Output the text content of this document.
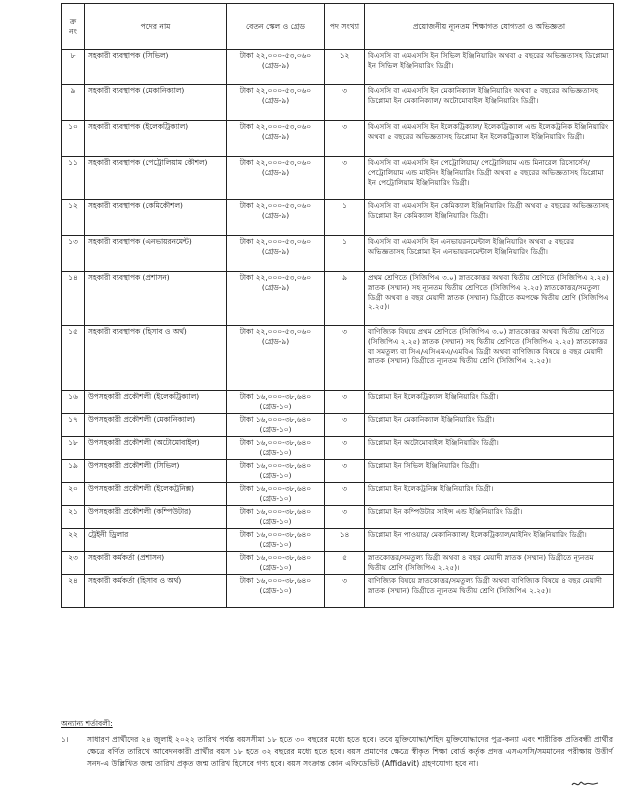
ক্র নং	পদের নাম	বেতন স্কেল ও গ্রেড	পদ সংখ্যা	প্রয়োজনীয় ন্যূনতম শিক্ষাগত যোগ্যতা ও অভিজ্ঞতা
৮	সহকারী ব্যবস্থাপক (সিভিল)	টাকা ২২,০০০-৫৩,০৬০
(গ্রেড-৯)	১২	বিএসসি বা এমএসসি ইন সিভিল ইঞ্জিনিয়ারিং অথবা ৫ বছরের অভিজ্ঞতাসহ ডিপ্লোমা ইন সিভিল ইঞ্জিনিয়ারিং ডিগ্রী।
৯	সহকারী ব্যবস্থাপক (মেকানিক্যাল)	টাকা ২২,০০০-৫৩,০৬০
(গ্রেড-৯)	৩	বিএসসি বা এমএসসি ইন মেকানিক্যাল ইঞ্জিনিয়ারিং অথবা ৫ বছরের অভিজ্ঞতাসহ ডিপ্লোমা ইন মেকানিক্যাল/ অটোমোবাইল ইঞ্জিনিয়ারিং ডিগ্রী।
১০	সহকারী ব্যবস্থাপক (ইলেকট্রিক্যাল)	টাকা ২২,০০০-৫৩,০৬০
(গ্রেড-৯)	৩	বিএসসি বা এমএসসি ইন ইলেকট্রিক্যাল/ ইলেকট্রিক্যাল এন্ড ইলেকট্রনিক ইঞ্জিনিয়ারিং অথবা ৫ বছরের অভিজ্ঞতাসহ ডিপ্লোমা ইন ইলেকট্রিক্যাল ইঞ্জিনিয়ারিং ডিগ্রী।
১১	সহকারী ব্যবস্থাপক (পেট্রোলিয়াম কৌশল)	টাকা ২২,০০০-৫৩,০৬০
(গ্রেড-৯)	৩	বিএসসি বা এমএসসি ইন পেট্রোলিয়াম/ পেট্রোলিয়াম এন্ড মিনারেল রিসোর্সেস/ পেট্রোলিয়াম এন্ড মাইনিং ইঞ্জিনিয়ারিং ডিগ্রী অথবা ৫ বছরের অভিজ্ঞতাসহ ডিপ্লোমা ইন পেট্রোলিয়াম ইঞ্জিনিয়ারিং ডিগ্রী।
১২	সহকারী ব্যবস্থাপক (কেমিকৌশল)	টাকা ২২,০০০-৫৩,০৬০
(গ্রেড-৯)	১	বিএসসি বা এমএসসি ইন কেমিক্যাল ইঞ্জিনিয়ারিং ডিগ্রী অথবা ৫ বছরের অভিজ্ঞতাসহ ডিপ্লোমা ইন কেমিক্যাল ইঞ্জিনিয়ারিং ডিগ্রী।
১৩	সহকারী ব্যবস্থাপক (এনভায়রনমেন্ট)	টাকা ২২,০০০-৫৩,০৬০
(গ্রেড-৯)	১	বিএসসি বা এমএসসি ইন এনভায়রনমেন্টাল ইঞ্জিনিয়ারিং অথবা ৫ বছরের অভিজ্ঞতাসহ ডিপ্লোমা ইন এনভায়রনমেন্টাল ইঞ্জিনিয়ারিং ডিগ্রী।
১৪	সহকারী ব্যবস্থাপক (প্রশাসন)	টাকা ২২,০০০-৫৩,০৬০
(গ্রেড-৯)	৯	প্রথম শ্রেণিতে (সিজিপিএ ৩.০) স্নাতকোত্তর অথবা দ্বিতীয় শ্রেণিতে (সিজিপিএ ২.২৫) স্নাতক (সম্মান) সহ ন্যূনতম দ্বিতীয় শ্রেণিতে (সিজিপিএ ২.২৫) স্নাতকোত্তর/সমতুল্য ডিগ্রী অথবা ৪ বছর মেয়াদী স্নাতক (সম্মান) ডিগ্রীতে কমপক্ষে দ্বিতীয় শ্রেণি (সিজিপিএ ২.২৫)।
১৫	সহকারী ব্যবস্থাপক (হিসাব ও অর্থ)	টাকা ২২,০০০-৫৩,০৬০
(গ্রেড-৯)	৩	বাণিজ্যিক বিষয়ে প্রথম শ্রেণিতে (সিজিপিএ ৩.০) স্নাতকোত্তর অথবা দ্বিতীয় শ্রেণিতে (সিজিপিএ ২.২৫) স্নাতক (সম্মান) সহ দ্বিতীয় শ্রেণিতে (সিজিপিএ ২.২৫) স্নাতকোত্তর বা সমতুল্য বা সিএ/এসিএমএ/এমবিএ ডিগ্রী অথবা বাণিজ্যিক বিষয়ে ৪ বছর মেয়াদী স্নাতক (সম্মান) ডিগ্রীতে ন্যূনতম দ্বিতীয় শ্রেণি (সিজিপিএ ২.২৫)।
১৬	উপসহকারী প্রকৌশলী (ইলেকট্রিক্যাল)	টাকা ১৬,০০০-৩৮,৬৪০
(গ্রেড-১০)	৩	ডিপ্লোমা ইন ইলেকট্রিক্যাল ইঞ্জিনিয়ারিং ডিগ্রী।
১৭	উপসহকারী প্রকৌশলী (মেকানিক্যাল)	টাকা ১৬,০০০-৩৮,৬৪০
(গ্রেড-১০)	৩	ডিপ্লোমা ইন মেকানিক্যাল ইঞ্জিনিয়ারিং ডিগ্রী।
১৮	উপসহকারী প্রকৌশলী (অটোমোবাইল)	টাকা ১৬,০০০-৩৮,৬৪০
(গ্রেড-১০)	৩	ডিপ্লোমা ইন অটোমোবাইল ইঞ্জিনিয়ারিং ডিগ্রী।
১৯	উপসহকারী প্রকৌশলী (সিভিল)	টাকা ১৬,০০০-৩৮,৬৪০
(গ্রেড-১০)	৩	ডিপ্লোমা ইন সিভিল ইঞ্জিনিয়ারিং ডিগ্রী।
২০	উপসহকারী প্রকৌশলী (ইলেকট্রনিক্স)	টাকা ১৬,০০০-৩৮,৬৪০
(গ্রেড-১০)	৩	ডিপ্লোমা ইন ইলেকট্রনিক্স ইঞ্জিনিয়ারিং ডিগ্রী।
২১	উপসহকারী প্রকৌশলী (কম্পিউটার)	টাকা ১৬,০০০-৩৮,৬৪০
(গ্রেড-১০)	৩	ডিপ্লোমা ইন কম্পিউটার সাইন্স এন্ড ইঞ্জিনিয়ারিং ডিগ্রী।
২২	ট্রেইনী ড্রিলার	টাকা ১৬,০০০-৩৮,৬৪০
(গ্রেড-১০)	১৪	ডিপ্লোমা ইন পাওয়ার/ মেকানিক্যাল/ ইলেকট্রিক্যাল/মাইনিং ইঞ্জিনিয়ারিং ডিগ্রী।
২৩	সহকারী কর্মকর্তা (প্রশাসন)	টাকা ১৬,০০০-৩৮,৬৪০
(গ্রেড-১০)	৫	স্নাতকোত্তর/সমতুল্য ডিগ্রী অথবা ৪ বছর মেয়াদী স্নাতক (সম্মান) ডিগ্রীতে ন্যূনতম দ্বিতীয় শ্রেণি (সিজিপিএ ২.২৫)।
২৪	সহকারী কর্মকর্তা (হিসাব ও অর্থ)	টাকা ১৬,০০০-৩৮,৬৪০
(গ্রেড-১০)	৩	বাণিজ্যিক বিষয়ে স্নাতকোত্তর/সমতুল্য ডিগ্রী অথবা বাণিজ্যিক বিষয়ে ৪ বছর মেয়াদী স্নাতক (সম্মান) ডিগ্রীতে ন্যূনতম দ্বিতীয় শ্রেণি (সিজিপিএ ২.২৫)।
অন্যান্য শর্তাবলী:
১।	সাধারণ প্রার্থীদের ২৪ জুলাই ২০২২ তারিখ পর্যন্ত বয়সসীমা ১৮ হতে ৩০ বছরের মধ্যে হতে হবে। তবে মুক্তিযোদ্ধা/শহিদ মুক্তিযোদ্ধাদের পুত্র-কন্যা এবং শারীরিক প্রতিবন্ধী প্রার্থীর ক্ষেত্রে বর্ণিত তারিখে আবেদনকারী প্রার্থীর বয়স ১৮ হতে ৩২ বছরের মধ্যে হতে হবে। বয়স প্রমাণের ক্ষেত্রে স্বীকৃত শিক্ষা বোর্ড কর্তৃক প্রদত্ত এসএসসি/সমমানের পরীক্ষায় উত্তীর্ণ সনদ-এ উল্লিখিত জন্ম তারিখ প্রকৃত জন্ম তারিখ হিসেবে গণ্য হবে। বয়স সংক্রান্ত কোন এফিডেভিট (Affidavit) গ্রহণযোগ্য হবে না।
